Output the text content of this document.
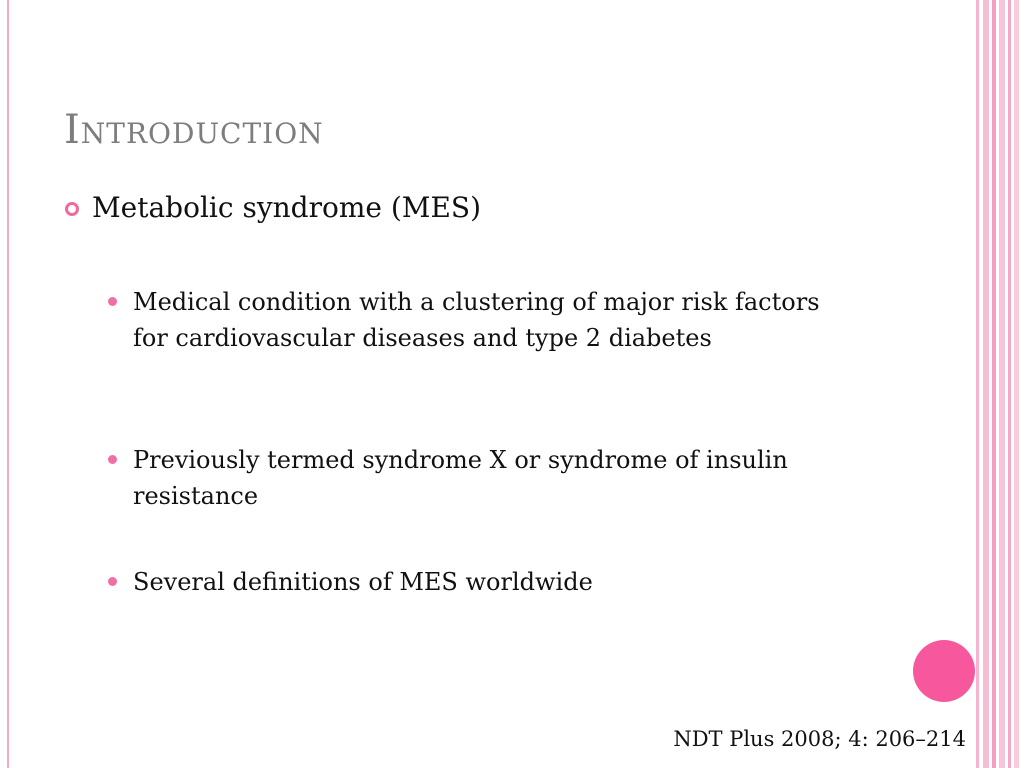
Introduction
Metabolic syndrome (MES)
Medical condition with a clustering of major risk factors for cardiovascular diseases and type 2 diabetes
Previously termed syndrome X or syndrome of insulin resistance
Several definitions of MES worldwide
NDT Plus 2008; 4: 206–214
